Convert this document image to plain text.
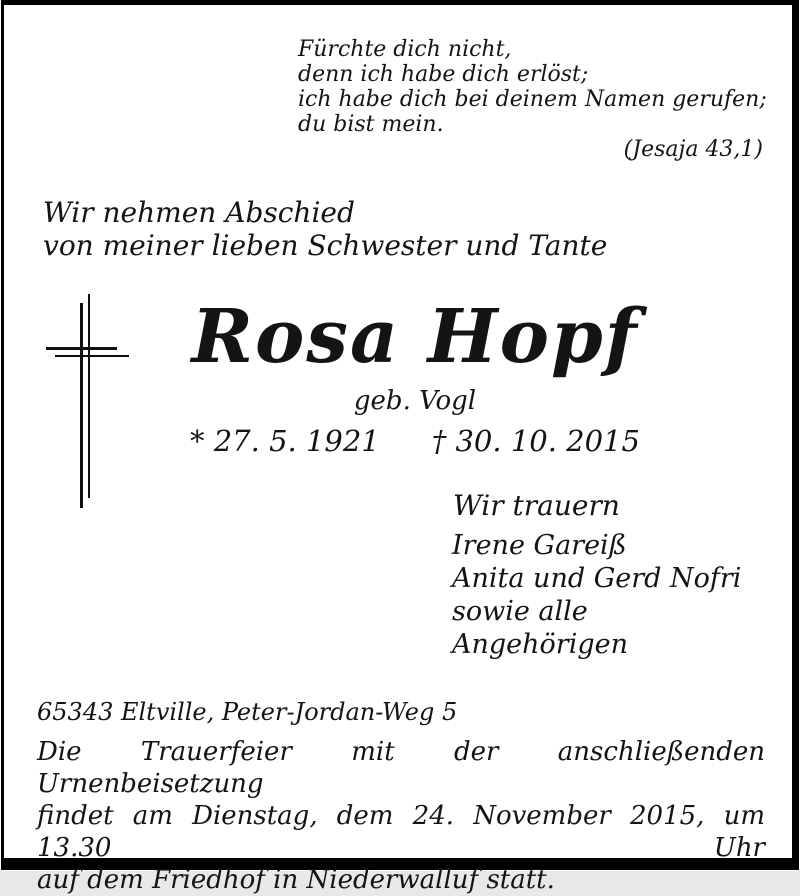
Fürchte dich nicht,
denn ich habe dich erlöst;
ich habe dich bei deinem Namen gerufen;
du bist mein.
(Jesaja 43,1)
Wir nehmen Abschied
von meiner lieben Schwester und Tante
Rosa Hopf
geb. Vogl
* 27. 5. 1921 † 30. 10. 2015
Wir trauern
Irene Gareiß
Anita und Gerd Nofri
sowie alle
Angehörigen
65343 Eltville, Peter-Jordan-Weg 5
Die Trauerfeier mit der anschließenden Urnenbeisetzung
findet am Dienstag, dem 24. November 2015, um 13.30 Uhr
auf dem Friedhof in Niederwalluf statt.
